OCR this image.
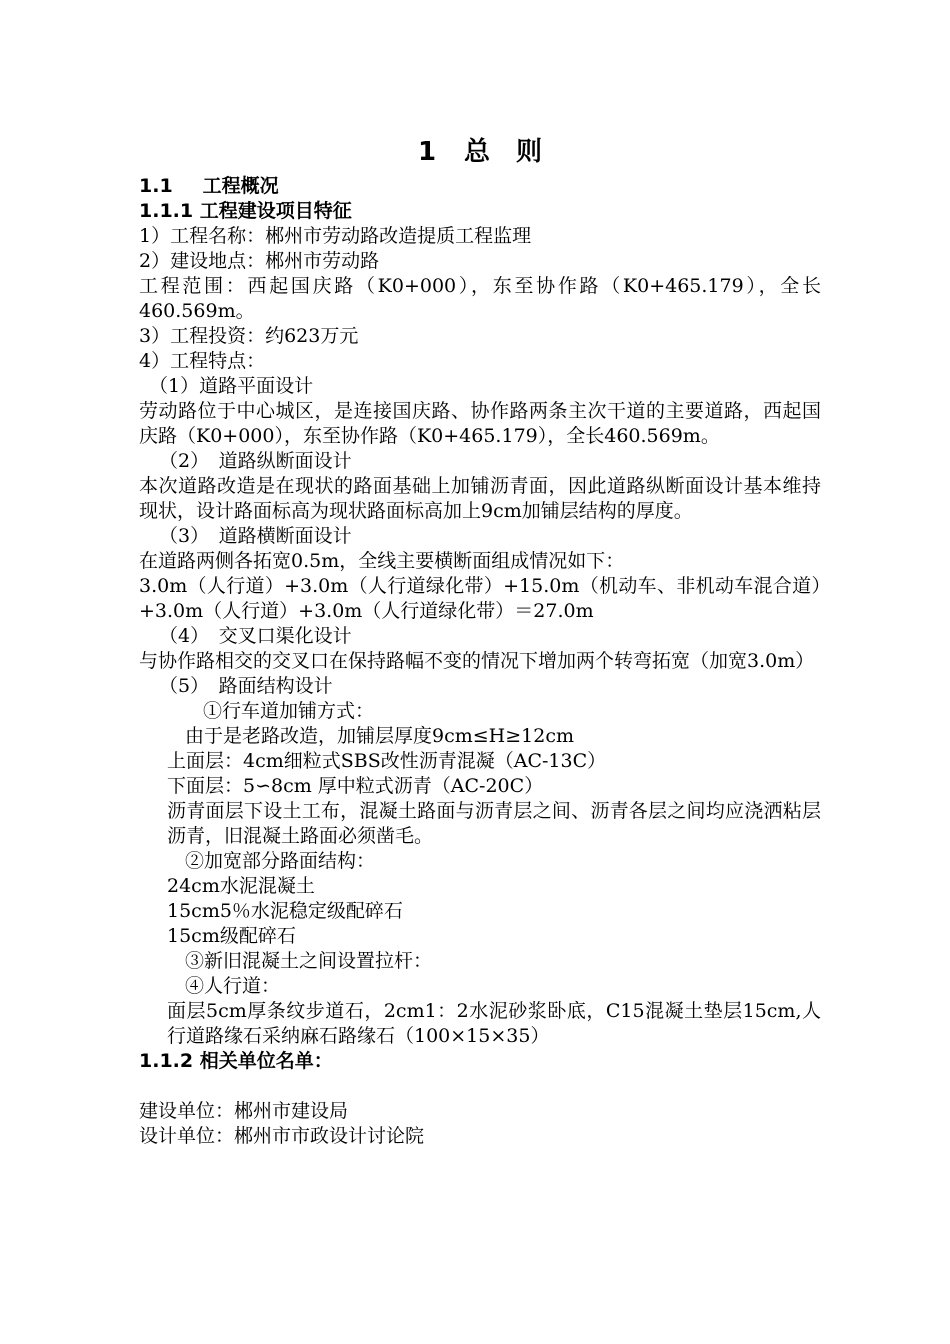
1 总 则

1.1 工程概况

1.1.1 工程建设项目特征

1）工程名称：郴州市劳动路改造提质工程监理

2）建设地点：郴州市劳动路

工程范围：西起国庆路（K0+000），东至协作路（K0+465.179），全长460.569m。

3）工程投资：约623万元

4）工程特点：

（1）道路平面设计

劳动路位于中心城区，是连接国庆路、协作路两条主次干道的主要道路，西起国庆路（K0+000），东至协作路（K0+465.179），全长460.569m。

（2）　道路纵断面设计

本次道路改造是在现状的路面基础上加铺沥青面，因此道路纵断面设计基本维持现状，设计路面标高为现状路面标高加上9cm加铺层结构的厚度。

（3）　道路横断面设计

在道路两侧各拓宽0.5m，全线主要横断面组成情况如下：

3.0m（人行道）+3.0m（人行道绿化带）+15.0m（机动车、非机动车混合道）+3.0m（人行道）+3.0m（人行道绿化带）＝27.0m

（4）　交叉口渠化设计

与协作路相交的交叉口在保持路幅不变的情况下增加两个转弯拓宽（加宽3.0m）

（5）　路面结构设计

①行车道加铺方式：

由于是老路改造，加铺层厚度9cm≤H≥12cm

上面层：4cm细粒式SBS改性沥青混凝（AC-13C）

下面层：5∽8cm 厚中粒式沥青（AC-20C）

沥青面层下设土工布，混凝土路面与沥青层之间、沥青各层之间均应浇洒粘层沥青，旧混凝土路面必须凿毛。

②加宽部分路面结构：

24cm水泥混凝土

15cm5％水泥稳定级配碎石

15cm级配碎石

③新旧混凝土之间设置拉杆：

④人行道：

面层5cm厚条纹步道石，2cm1：2水泥砂浆卧底，C15混凝土垫层15cm,人行道路缘石采纳麻石路缘石（100×15×35）

1.1.2 相关单位名单：

建设单位：郴州市建设局

设计单位：郴州市市政设计讨论院
